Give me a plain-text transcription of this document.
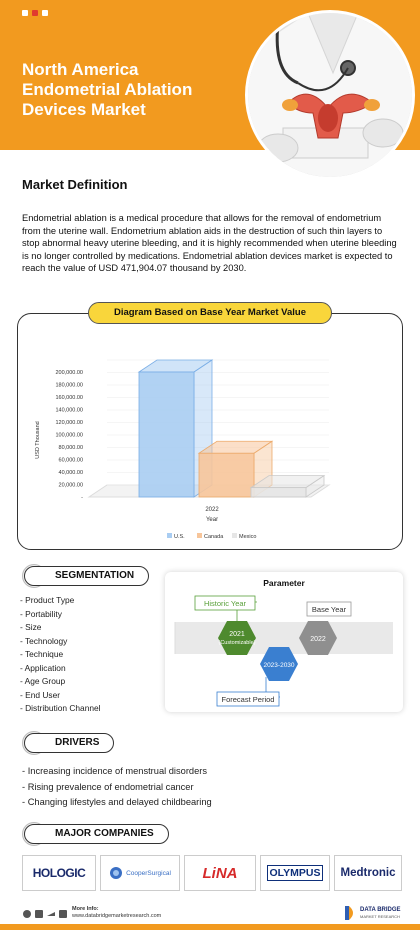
North America
Endometrial Ablation
Devices Market
Market Definition

Endometrial ablation is a medical procedure that allows for the removal of endometrium from the uterine wall. Endometrium ablation aids in the destruction of such thin layers to stop abnormal heavy uterine bleeding, and it is highly recommended when uterine bleeding is no longer controlled by medications. Endometrial ablation devices market is expected to reach the value of USD 471,904.07 thousand by 2030.

Diagram Based on Base Year Market Value
200,000.00
180,000.00
160,000.00
140,000.00
120,000.00
100,000.00
80,000.00
60,000.00
40,000.00
20,000.00
-
USD Thousand
2022
Year
U.S.	Canada	Mexico
SEGMENTATION
- Product Type
- Portability
- Size
- Technology
- Technique
- Application
- Age Group
- End User
- Distribution Channel
Parameter
Historic Year
Base Year
Forecast Period
2021
(Customizable)
2023-2030
2022
DRIVERS
- Increasing incidence of menstrual disorders
- Rising prevalence of endometrial cancer
- Changing lifestyles and delayed childbearing
MAJOR COMPANIES
HOLOGIC	CooperSurgical LiNA	OLYMPUS Medtronic
More Info:
www.databridgemarketresearch.com
DATA BRIDGE
MARKET RESEARCH
